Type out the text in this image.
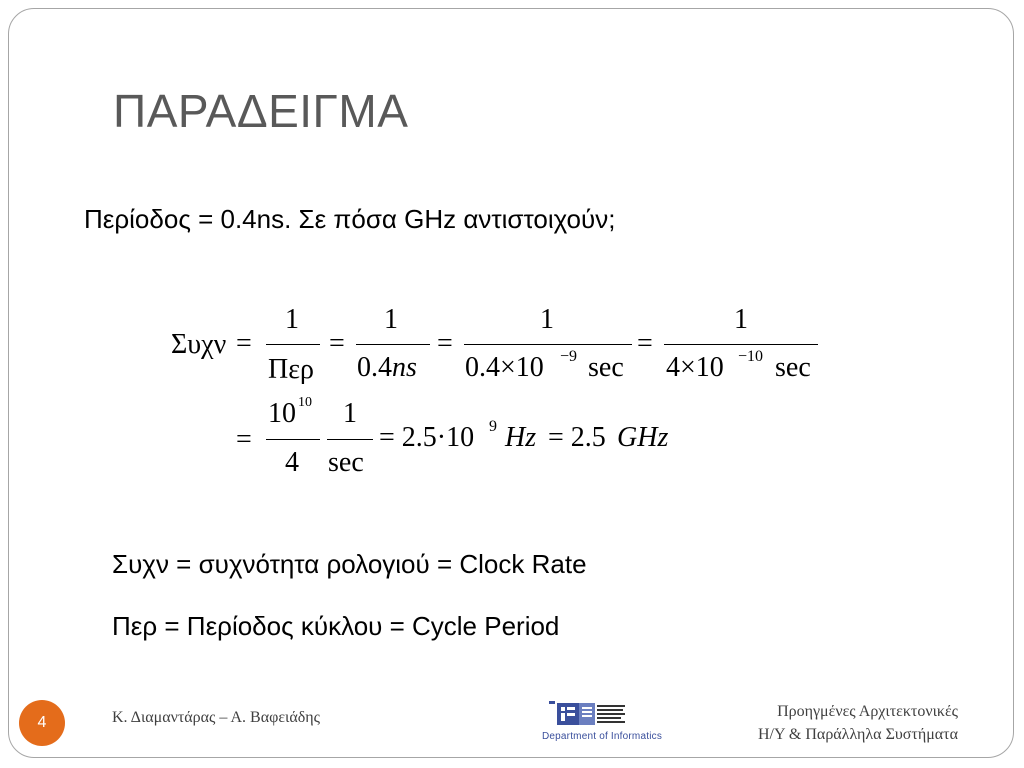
ΠΑΡΑΔΕΙΓΜΑ
Περίοδος = 0.4ns. Σε πόσα GHz αντιστοιχούν;
Συχν =
1
Περ
=
1
0.4ns
=
1
0.4×10 −9 sec
=
1
4×10 −10 sec
=
10 10
4
1
sec
= 2.5·10 9 Hz = 2.5 GHz
Συχν = συχνότητα ρολογιού = Clock Rate
Περ = Περίοδος κύκλου = Cycle Period
4	Κ. Διαμαντάρας – Α. Βαφειάδης
Department of Informatics
Προηγμένες Αρχιτεκτονικές
Η/Υ & Παράλληλα Συστήματα
